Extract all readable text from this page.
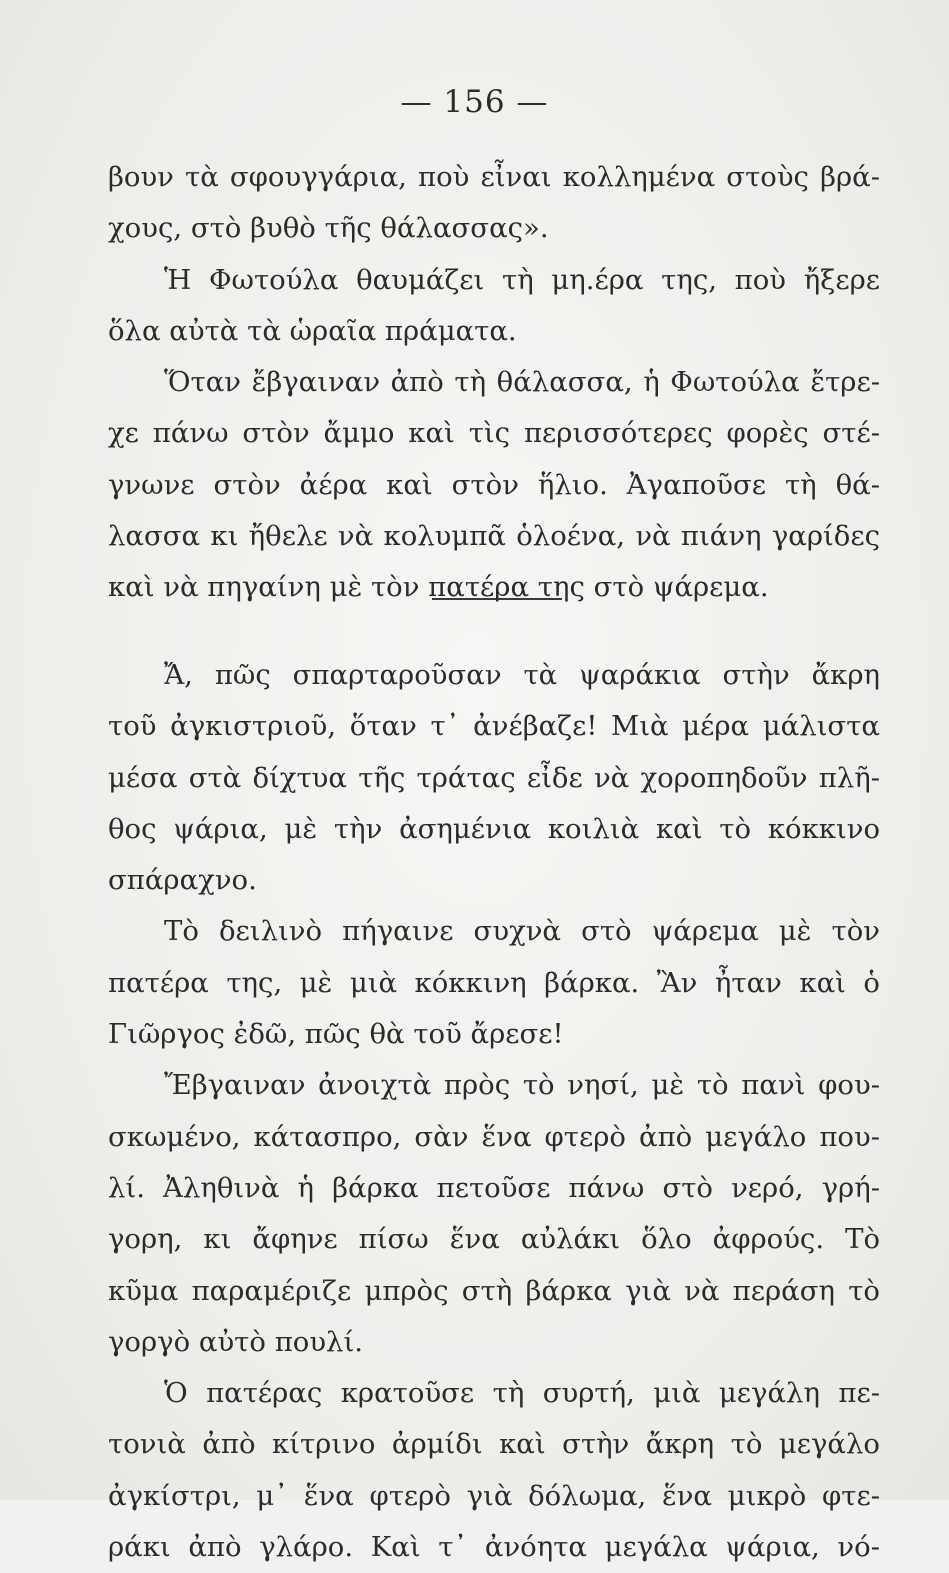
— 156 —
βουν τὰ σφουγγάρια, ποὺ εἶναι κολλημένα στοὺς βρά-
χους, στὸ βυθὸ τῆς θάλασσας».
Ἡ Φωτούλα θαυμάζει τὴ μη.έρα της, ποὺ ἤξερε
ὅλα αὐτὰ τὰ ὡραῖα πράματα.
Ὅταν ἔβγαιναν ἀπὸ τὴ θάλασσα, ἡ Φωτούλα ἔτρε-
χε πάνω στὸν ἄμμο καὶ τὶς περισσότερες φορὲς στέ-
γνωνε στὸν ἀέρα καὶ στὸν ἥλιο. Ἀγαποῦσε τὴ θά-
λασσα κι ἤθελε νὰ κολυμπᾶ ὁλοένα, νὰ πιάνη γαρίδες
καὶ νὰ πηγαίνη μὲ τὸν πατέρα της στὸ ψάρεμα.
Ἄ, πῶς σπαρταροῦσαν τὰ ψαράκια στὴν ἄκρη
τοῦ ἀγκιστριοῦ, ὅταν τ᾿ ἀνέβαζε! Μιὰ μέρα μάλιστα
μέσα στὰ δίχτυα τῆς τράτας εἶδε νὰ χοροπηδοῦν πλῆ-
θος ψάρια, μὲ τὴν ἀσημένια κοιλιὰ καὶ τὸ κόκκινο
σπάραχνο.
Τὸ δειλινὸ πήγαινε συχνὰ στὸ ψάρεμα μὲ τὸν
πατέρα της, μὲ μιὰ κόκκινη βάρκα. Ἂν ἦταν καὶ ὁ
Γιῶργος ἐδῶ, πῶς θὰ τοῦ ἄρεσε!
Ἔβγαιναν ἀνοιχτὰ πρὸς τὸ νησί, μὲ τὸ πανὶ φου-
σκωμένο, κάτασπρο, σὰν ἕνα φτερὸ ἀπὸ μεγάλο που-
λί. Ἀληθινὰ ἡ βάρκα πετοῦσε πάνω στὸ νερό, γρή-
γορη, κι ἄφηνε πίσω ἕνα αὐλάκι ὅλο ἀφρούς. Τὸ
κῦμα παραμέριζε μπρὸς στὴ βάρκα γιὰ νὰ περάση τὸ
γοργὸ αὐτὸ πουλί.
Ὁ πατέρας κρατοῦσε τὴ συρτή, μιὰ μεγάλη πε-
τονιὰ ἀπὸ κίτρινο ἀρμίδι καὶ στὴν ἄκρη τὸ μεγάλο
ἀγκίστρι, μ᾿ ἕνα φτερὸ γιὰ δόλωμα, ἕνα μικρὸ φτε-
ράκι ἀπὸ γλάρο. Καὶ τ᾿ ἀνόητα μεγάλα ψάρια, νό-
